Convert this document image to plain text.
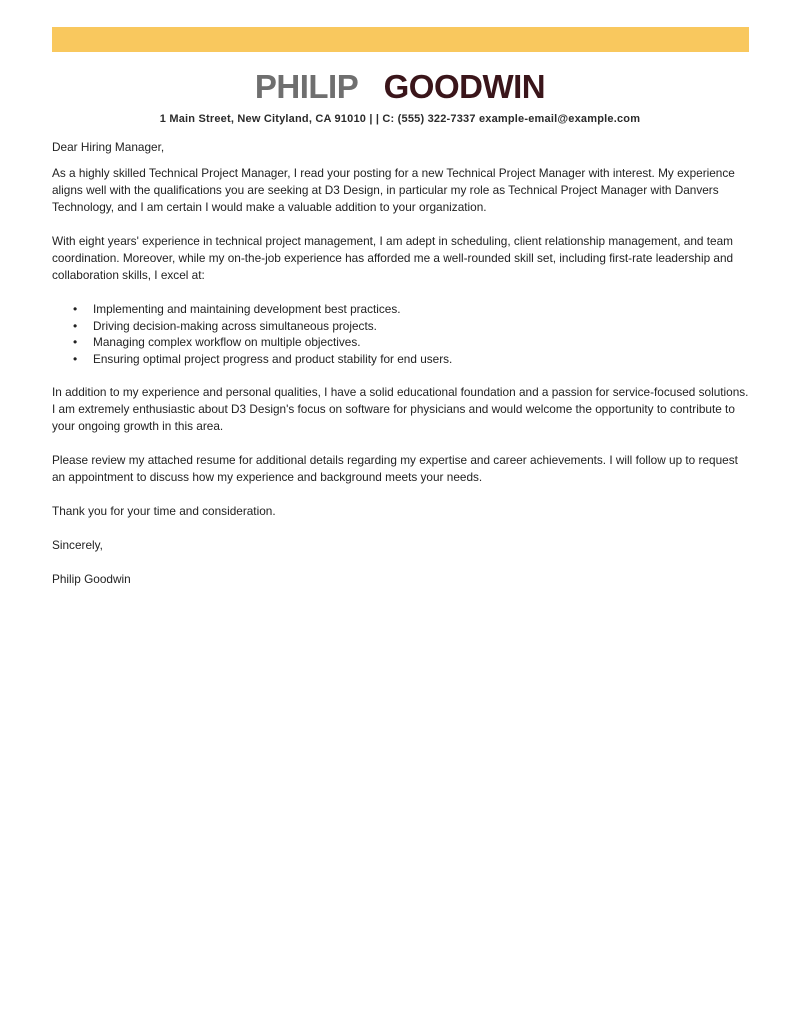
PHILIP GOODWIN
1 Main Street, New Cityland, CA 91010 | | C: (555) 322-7337 example-email@example.com

Dear Hiring Manager,

As a highly skilled Technical Project Manager, I read your posting for a new Technical Project Manager with interest. My experience aligns well with the qualifications you are seeking at D3 Design, in particular my role as Technical Project Manager with Danvers Technology, and I am certain I would make a valuable addition to your organization.

With eight years' experience in technical project management, I am adept in scheduling, client relationship management, and team coordination. Moreover, while my on-the-job experience has afforded me a well-rounded skill set, including first-rate leadership and collaboration skills, I excel at:

• Implementing and maintaining development best practices.
• Driving decision-making across simultaneous projects.
• Managing complex workflow on multiple objectives.
• Ensuring optimal project progress and product stability for end users.

In addition to my experience and personal qualities, I have a solid educational foundation and a passion for service-focused solutions. I am extremely enthusiastic about D3 Design's focus on software for physicians and would welcome the opportunity to contribute to your ongoing growth in this area.

Please review my attached resume for additional details regarding my expertise and career achievements. I will follow up to request an appointment to discuss how my experience and background meets your needs.

Thank you for your time and consideration.

Sincerely,

Philip Goodwin
